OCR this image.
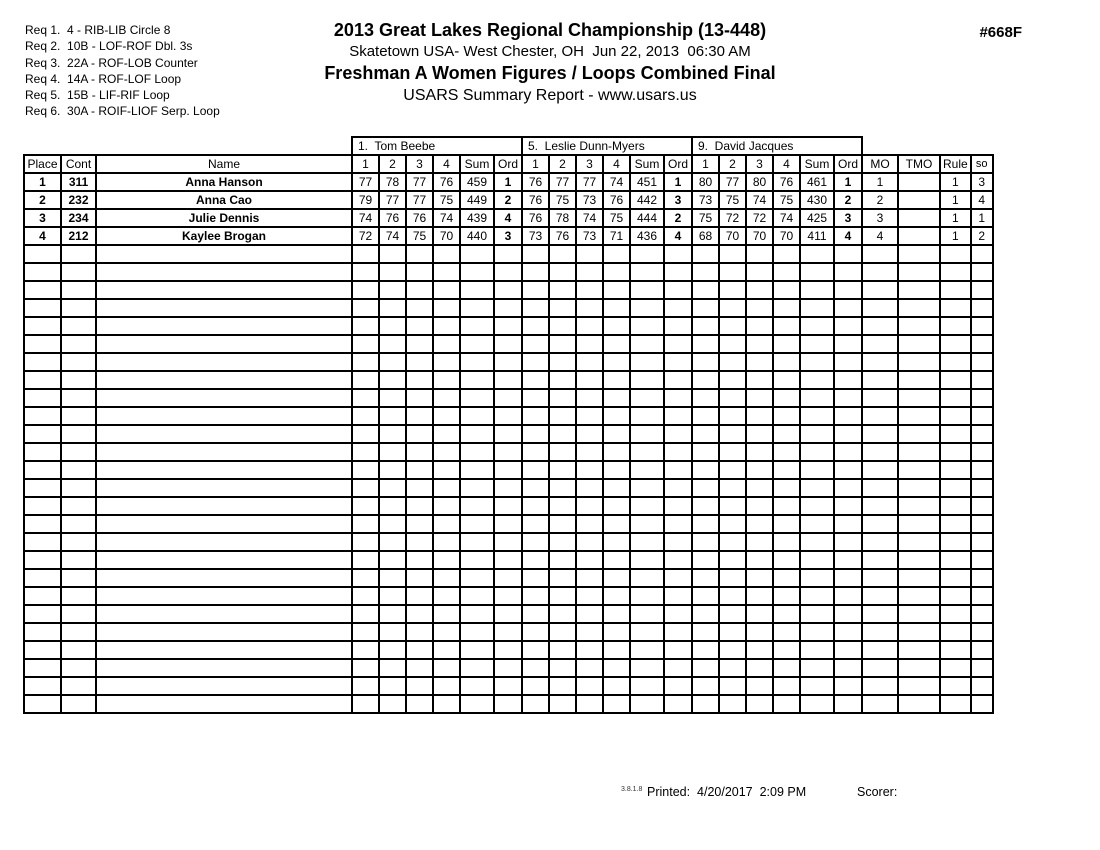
Req 1.  4 - RIB-LIB Circle 8
Req 2.  10B - LOF-ROF Dbl. 3s
Req 3.  22A - ROF-LOB Counter
Req 4.  14A - ROF-LOF Loop
Req 5.  15B - LIF-RIF Loop
Req 6.  30A - ROIF-LIOF Serp. Loop
2013 Great Lakes Regional Championship (13-448)
Skatetown USA- West Chester, OH  Jun 22, 2013  06:30 AM
Freshman A Women Figures / Loops Combined Final
USARS Summary Report - www.usars.us
#668F
			1.  Tom Beebe						5.  Leslie Dunn-Myers						9.  David Jacques									
Place	Cont	Name	1	2	3	4	Sum	Ord	1	2	3	4	Sum	Ord	1	2	3	4	Sum	Ord	MO	TMO	Rule	so
1	311	Anna Hanson	77	78	77	76	459	1	76	77	77	74	451	1	80	77	80	76	461	1	1		1	3
2	232	Anna Cao	79	77	77	75	449	2	76	75	73	76	442	3	73	75	74	75	430	2	2		1	4
3	234	Julie Dennis	74	76	76	74	439	4	76	78	74	75	444	2	75	72	72	74	425	3	3		1	1
4	212	Kaylee Brogan	72	74	75	70	440	3	73	76	73	71	436	4	68	70	70	70	411	4	4		1	2

3.8.1.8 Printed:  4/20/2017  2:09 PM	Scorer:
